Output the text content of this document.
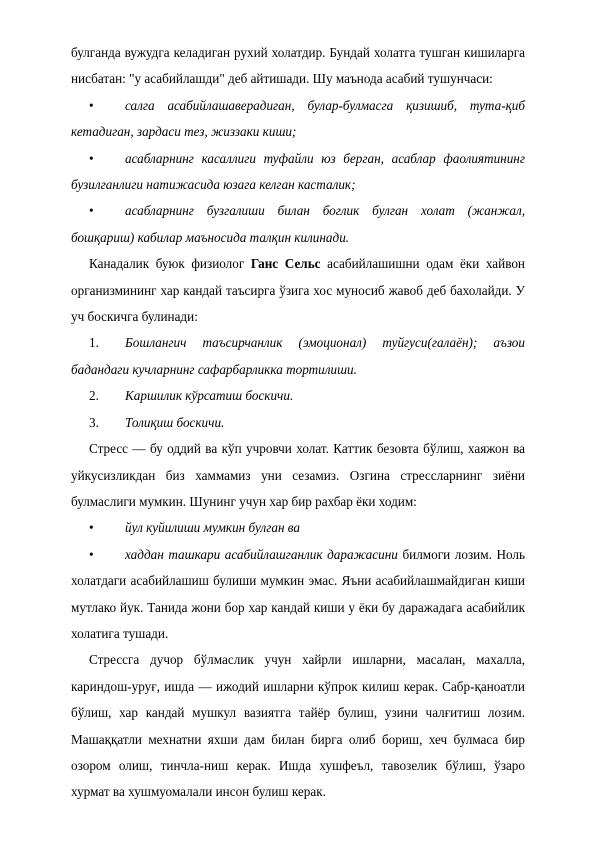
булганда вужудга келадиган рухий холатдир. Бундай холатга тушган кишиларга нисбатан: "у асабийлашди" деб айтишади. Шу маънода асабий тушунчаси:

• салга асабийлашаверадиган, булар-булмасга қизишиб, тута-қиб кетадиган, зардаси тез, жиззаки киши;

• асабларнинг касаллиги туфайли юз берган, асаблар фаолиятининг бузилганлиги натижасида юзага келган касталик;

• асабларнинг бузгалиши билан боглик булган холат (жанжал, бошқариш) кабилар маъносида талқин килинади.

Канадалик буюк физиолог Ганс Сельс асабийлашишни одам ёки хайвон организмининг хар кандай таъсирга ўзига хос муносиб жавоб деб бахолайди. У уч боскичга булинади:

1. Бошлангич таъсирчанлик (эмоционал) туйгуси(галаён); аъзои бадандаги кучларнинг сафарбарликка тортилиши.

2. Каршилик кўрсатиш боскичи.

3. Толиқиш боскичи.

Стресс — бу оддий ва кўп учровчи холат. Каттик безовта бўлиш, хаяжон ва уйкусизликдан биз хаммамиз уни сезамиз. Озгина стресcларнинг зиёни булмаслиги мумкин. Шунинг учун хар бир рахбар ёки ходим:

• йул куйилиши мумкин булган ва

• хаддан ташкари асабийлашганлик даражасини билмоги лозим. Ноль холатдаги асабийлашиш булиши мумкин эмас. Яъни асабийлашмайдиган киши мутлако йук. Танида жони бор хар кандай киши у ёки бу даражадага асабийлик холатига тушади.

Стрессга дучор бўлмаслик учун хайрли ишларни, масалан, махалла, кариндош-уруғ, ишда — ижодий ишларни кўпрок килиш керак. Сабр-қаноатли бўлиш, хар кандай мушкул вазиятга тайёр булиш, узини чалғитиш лозим. Машаққатли мехнатни яхши дам билан бирга олиб бориш, хеч булмаса бир озором олиш, тинчла-ниш керак. Ишда хушфеъл, тавозелик бўлиш, ўзаро хурмат ва хушмуомалали инсон булиш керак.
